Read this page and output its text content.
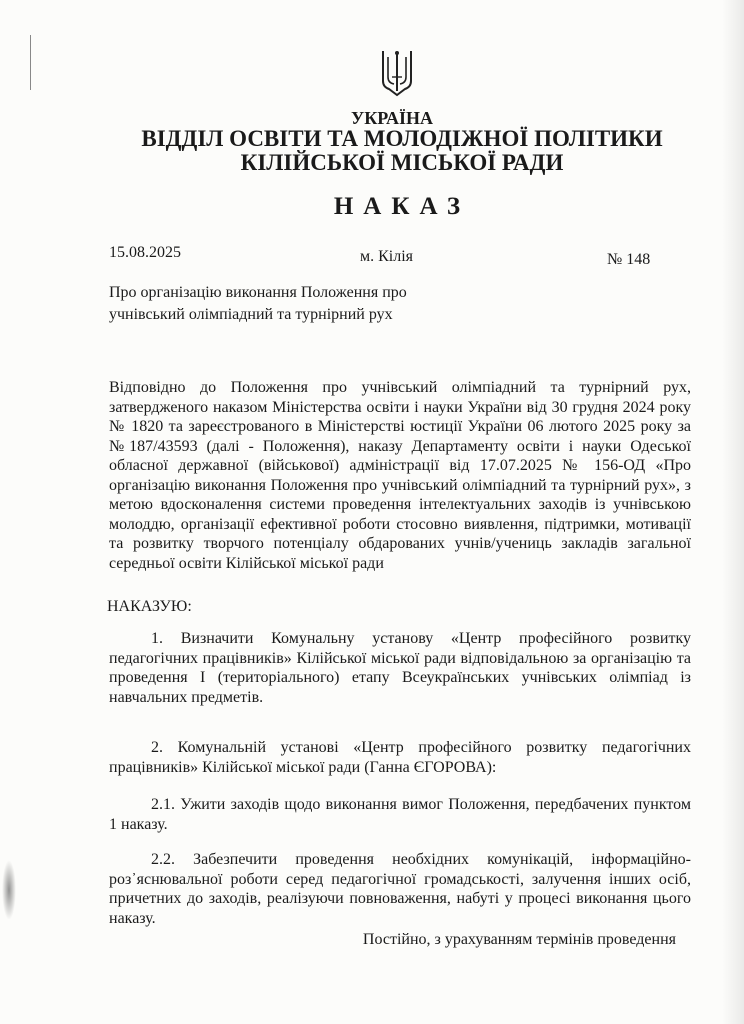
УКРАЇНА
ВІДДІЛ ОСВІТИ ТА МОЛОДІЖНОЇ ПОЛІТИКИ
КІЛІЙСЬКОЇ МІСЬКОЇ РАДИ
НАКАЗ
15.08.2025	м. Кілія	№ 148
Про організацію виконання Положення про учнівський олімпіадний та турнірний рух
Відповідно до Положення про учнівський олімпіадний та турнірний рух, затвердженого наказом Міністерства освіти і науки України від 30 грудня 2024 року № 1820 та зареєстрованого в Міністерстві юстиції України 06 лютого 2025 року за №187/43593 (далі - Положення), наказу Департаменту освіти і науки Одеської обласної державної (військової) адміністрації від 17.07.2025 № 156-ОД «Про організацію виконання Положення про учнівський олімпіадний та турнірний рух», з метою вдосконалення системи проведення інтелектуальних заходів із учнівською молоддю, організації ефективної роботи стосовно виявлення, підтримки, мотивації та розвитку творчого потенціалу обдарованих учнів/учениць закладів загальної середньої освіти Кілійської міської ради
НАКАЗУЮ:
1. Визначити Комунальну установу «Центр професійного розвитку педагогічних працівників» Кілійської міської ради відповідальною за організацію та проведення І (територіального) етапу Всеукраїнських учнівських олімпіад із навчальних предметів.
2. Комунальній установі «Центр професійного розвитку педагогічних працівників» Кілійської міської ради (Ганна ЄГОРОВА):
2.1. Ужити заходів щодо виконання вимог Положення, передбачених пунктом 1 наказу.
2.2. Забезпечити проведення необхідних комунікацій, інформаційно-роз᾽яснювальної роботи серед педагогічної громадськості, залучення інших осіб, причетних до заходів, реалізуючи повноваження, набуті у процесі виконання цього наказу.
Постійно, з урахуванням термінів проведення
